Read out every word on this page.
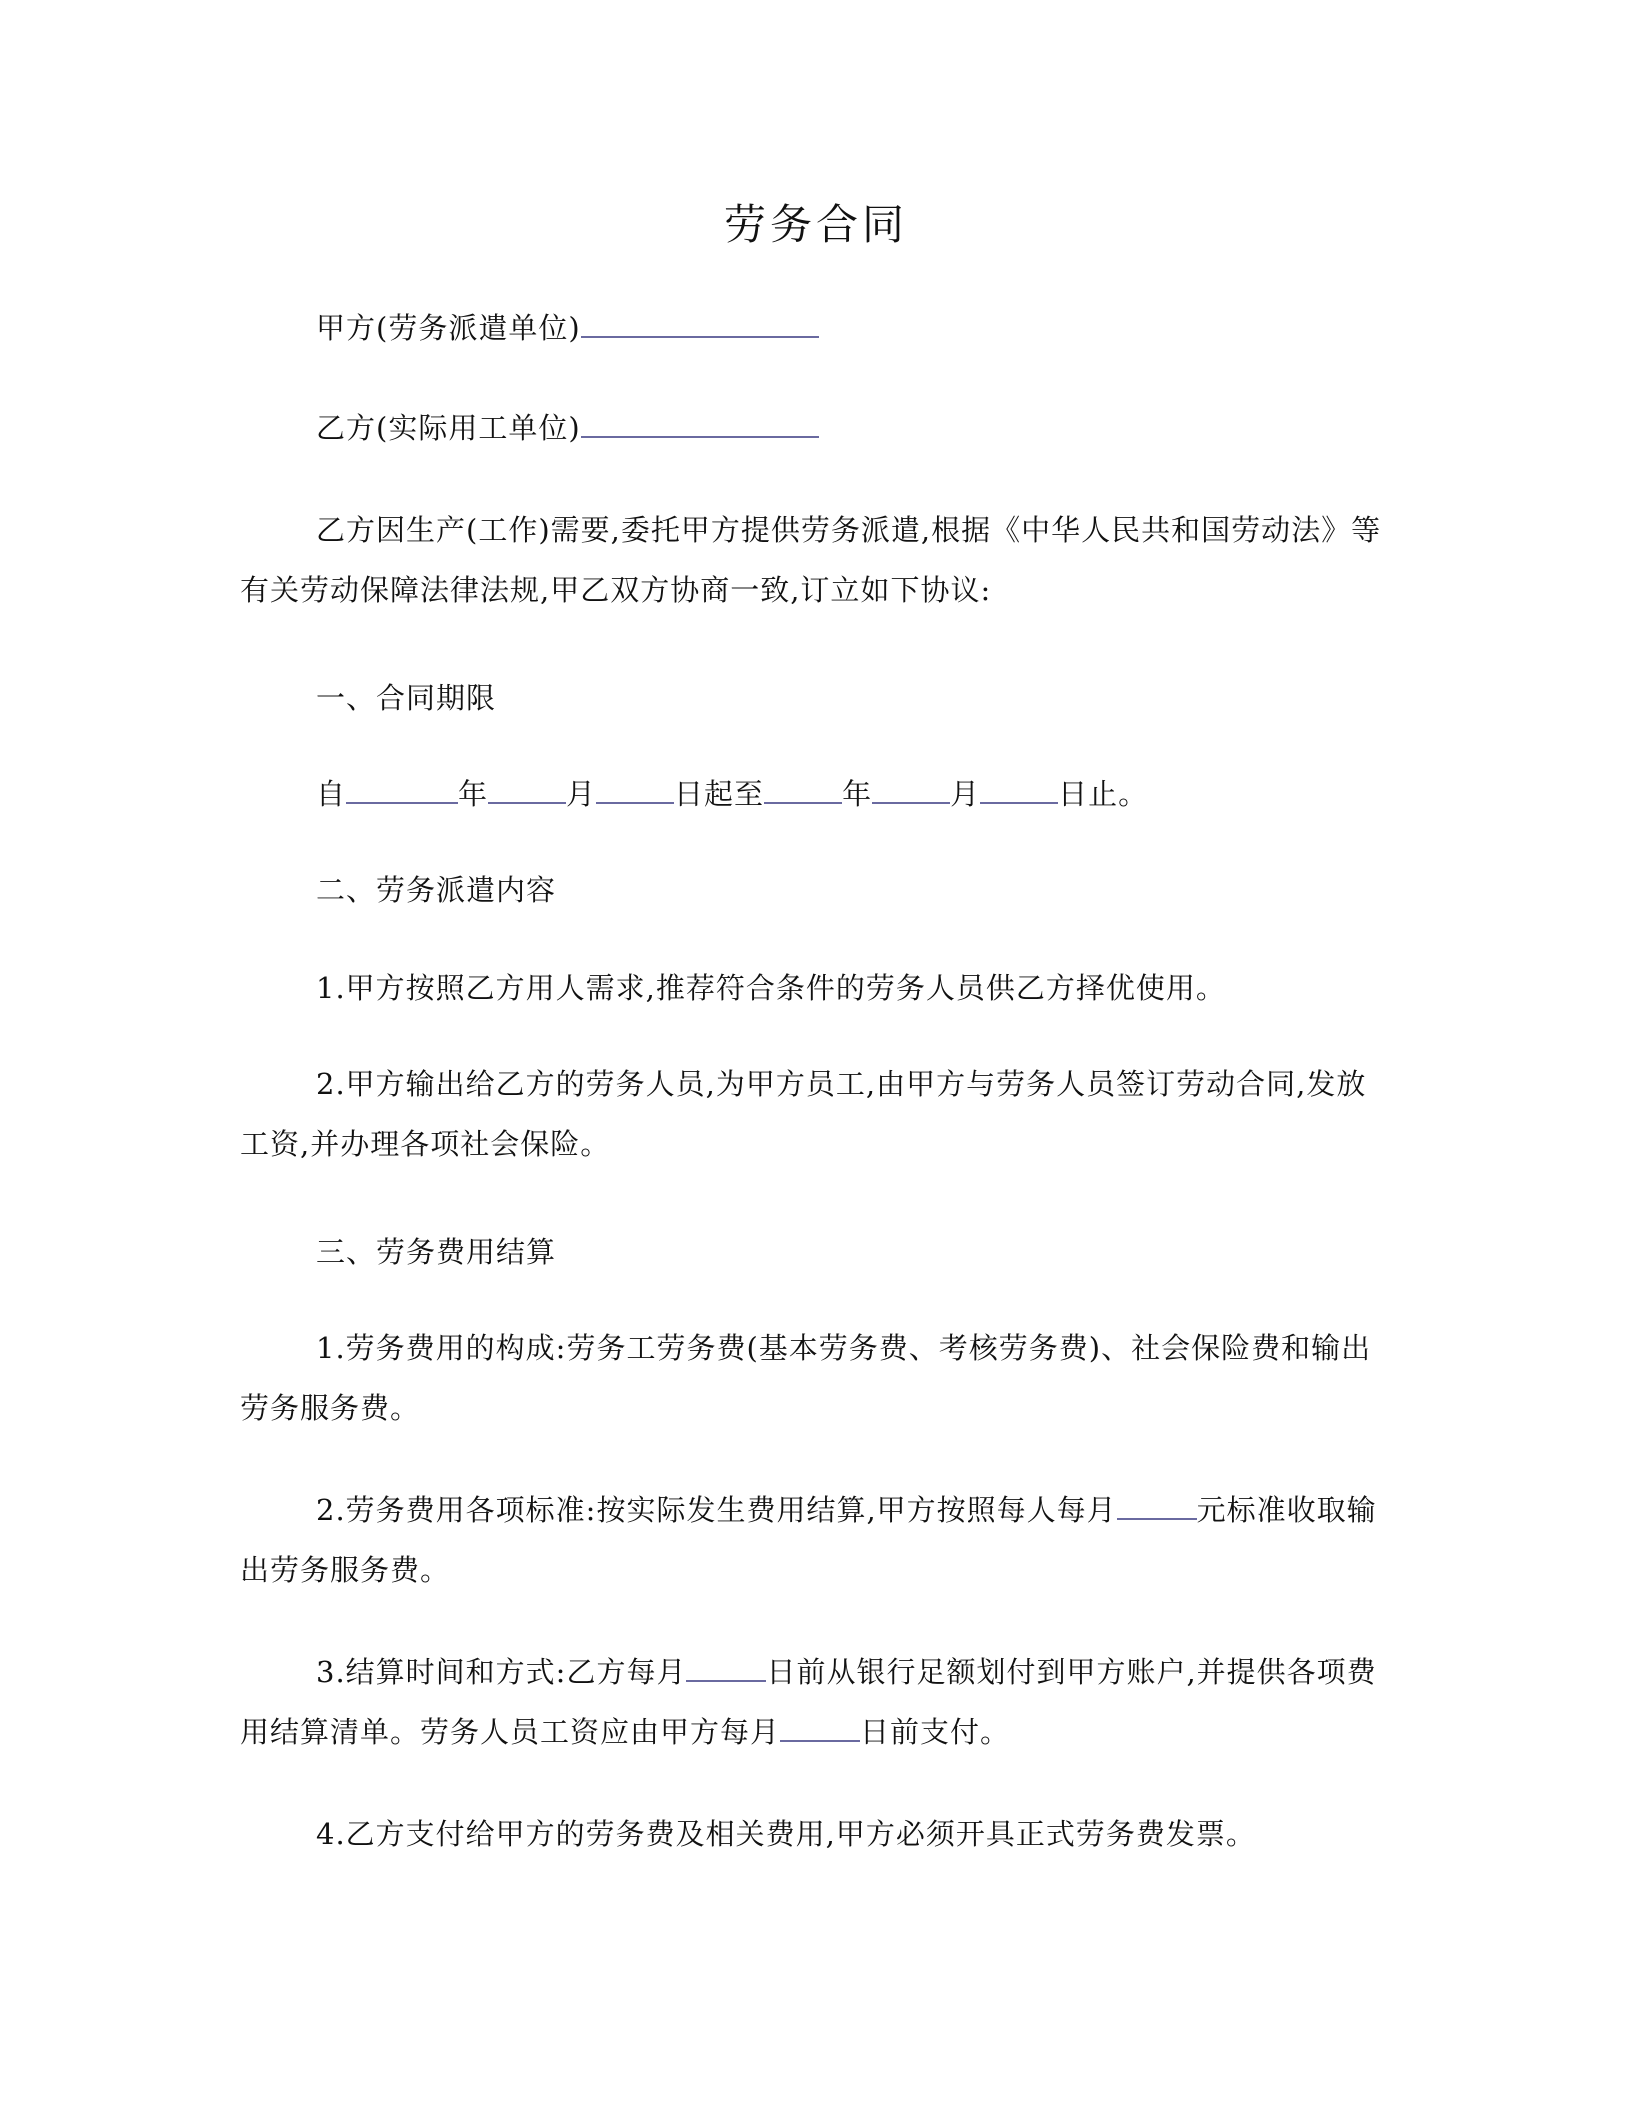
劳务合同
甲方(劳务派遣单位)
乙方(实际用工单位)
乙方因生产(工作)需要,委托甲方提供劳务派遣,根据《中华人民共和国劳动法》等有关劳动保障法律法规,甲乙双方协商一致,订立如下协议:
一、合同期限
自	年	月	日起至	年	月	日止。
二、劳务派遣内容
1.甲方按照乙方用人需求,推荐符合条件的劳务人员供乙方择优使用。
2.甲方输出给乙方的劳务人员,为甲方员工,由甲方与劳务人员签订劳动合同,发放工资,并办理各项社会保险。
三、劳务费用结算
1.劳务费用的构成:劳务工劳务费(基本劳务费、考核劳务费)、社会保险费和输出劳务服务费。
2.劳务费用各项标准:按实际发生费用结算,甲方按照每人每月	元标准收取输出劳务服务费。
3.结算时间和方式:乙方每月	日前从银行足额划付到甲方账户,并提供各项费用结算清单。劳务人员工资应由甲方每月	日前支付。
4.乙方支付给甲方的劳务费及相关费用,甲方必须开具正式劳务费发票。
